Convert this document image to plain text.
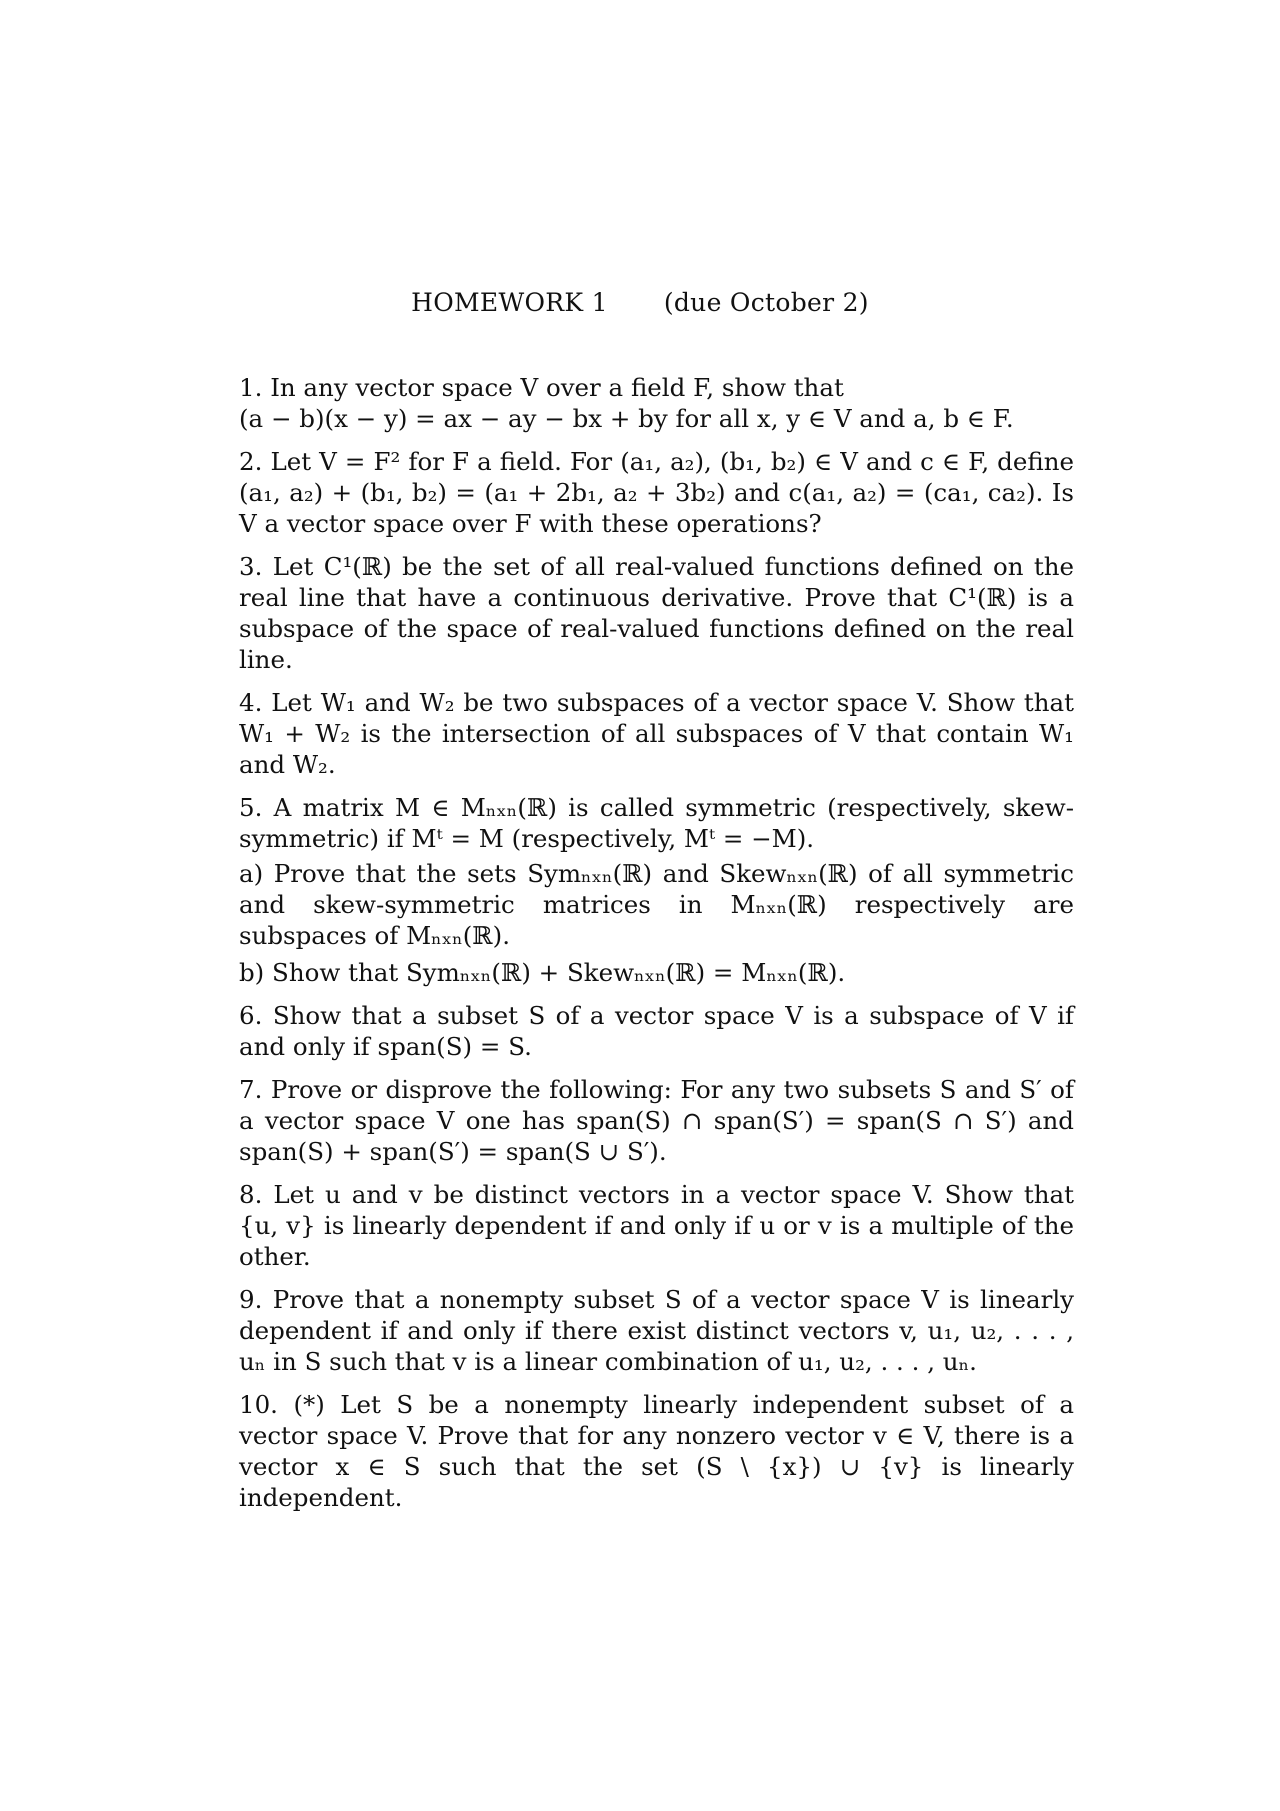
HOMEWORK 1 (due October 2)
1. In any vector space V over a field F, show that
(a − b)(x − y) = ax − ay − bx + by for all x, y ∈ V and a, b ∈ F.
2. Let V = F² for F a field. For (a₁, a₂), (b₁, b₂) ∈ V and c ∈ F, define (a₁, a₂) + (b₁, b₂) = (a₁ + 2b₁, a₂ + 3b₂) and c(a₁, a₂) = (ca₁, ca₂). Is V a vector space over F with these operations?
3. Let C¹(ℝ) be the set of all real-valued functions defined on the real line that have a continuous derivative. Prove that C¹(ℝ) is a subspace of the space of real-valued functions defined on the real line.
4. Let W₁ and W₂ be two subspaces of a vector space V. Show that W₁ + W₂ is the intersection of all subspaces of V that contain W₁ and W₂.
5. A matrix M ∈ Mₙₓₙ(ℝ) is called symmetric (respectively, skew-symmetric) if Mᵗ = M (respectively, Mᵗ = −M).
a) Prove that the sets Symₙₓₙ(ℝ) and Skewₙₓₙ(ℝ) of all symmetric and skew-symmetric matrices in Mₙₓₙ(ℝ) respectively are subspaces of Mₙₓₙ(ℝ).
b) Show that Symₙₓₙ(ℝ) + Skewₙₓₙ(ℝ) = Mₙₓₙ(ℝ).
6. Show that a subset S of a vector space V is a subspace of V if and only if span(S) = S.
7. Prove or disprove the following: For any two subsets S and S′ of a vector space V one has span(S) ∩ span(S′) = span(S ∩ S′) and span(S) + span(S′) = span(S ∪ S′).
8. Let u and v be distinct vectors in a vector space V. Show that {u, v} is linearly dependent if and only if u or v is a multiple of the other.
9. Prove that a nonempty subset S of a vector space V is linearly dependent if and only if there exist distinct vectors v, u₁, u₂, . . . , uₙ in S such that v is a linear combination of u₁, u₂, . . . , uₙ.
10. (*) Let S be a nonempty linearly independent subset of a vector space V. Prove that for any nonzero vector v ∈ V, there is a vector x ∈ S such that the set (S \ {x}) ∪ {v} is linearly independent.
